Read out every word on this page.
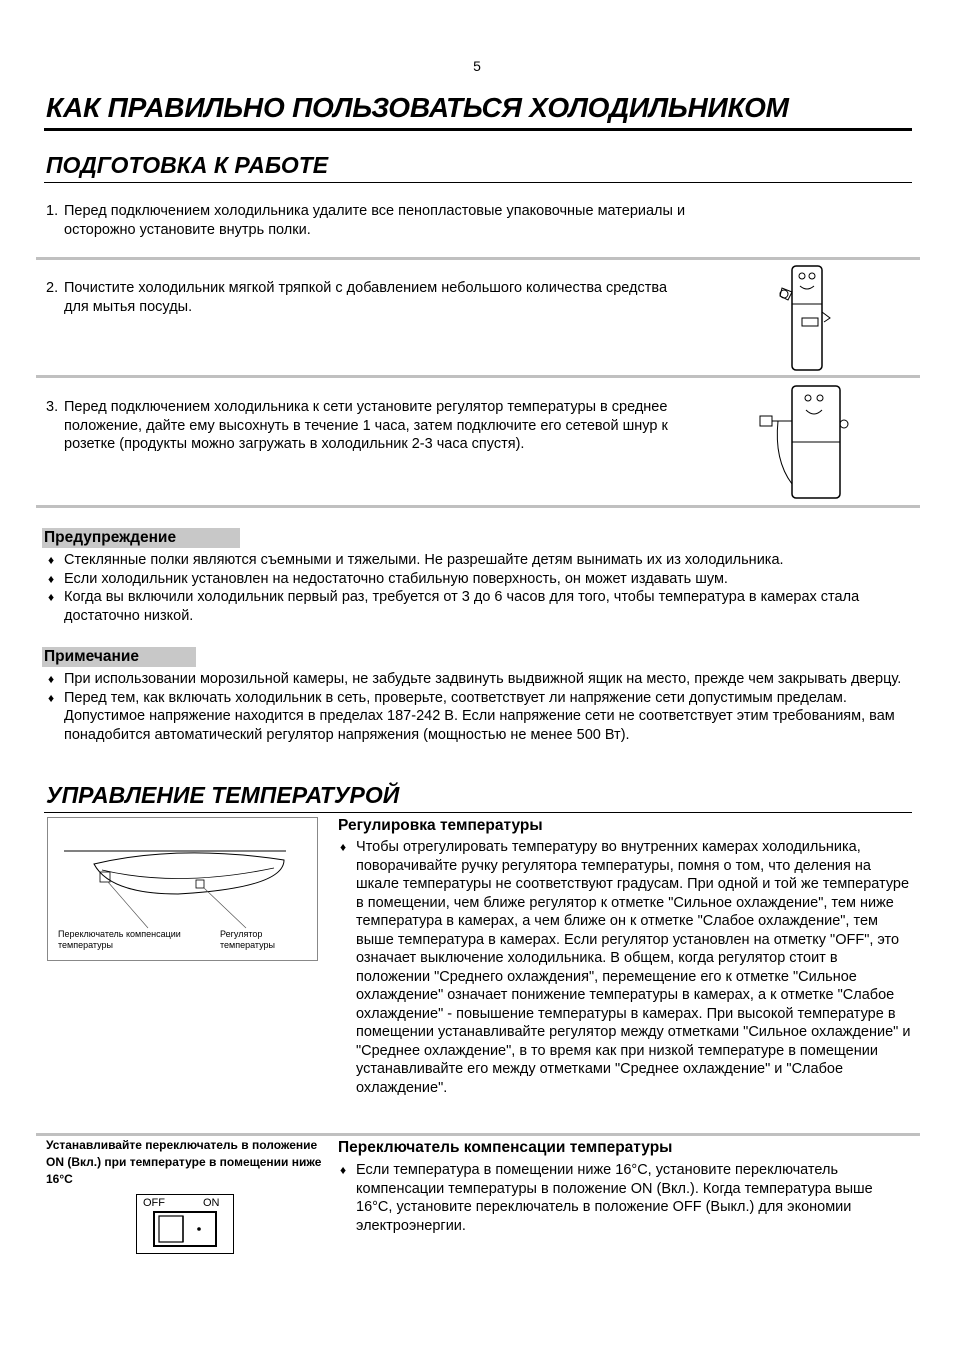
5
КАК ПРАВИЛЬНО ПОЛЬЗОВАТЬСЯ ХОЛОДИЛЬНИКОМ
ПОДГОТОВКА К РАБОТЕ
1. Перед подключением холодильника удалите все пенопластовые упаковочные материалы и осторожно установите внутрь полки.
2. Почистите холодильник мягкой тряпкой с добавлением небольшого количества средства для мытья посуды.
3. Перед подключением холодильника к сети установите регулятор температуры в среднее положение, дайте ему высохнуть в течение 1 часа, затем подключите его сетевой шнур к розетке (продукты можно загружать в холодильник 2-3 часа спустя).
Предупреждение
♦ Стеклянные полки являются съемными и тяжелыми. Не разрешайте детям вынимать их из холодильника.
♦ Если холодильник установлен на недостаточно стабильную поверхность, он может издавать шум.
♦ Когда вы включили холодильник первый раз, требуется от 3 до 6 часов для того, чтобы температура в камерах стала достаточно низкой.
Примечание
♦ При использовании морозильной камеры, не забудьте задвинуть выдвижной ящик на место, прежде чем закрывать дверцу.
♦ Перед тем, как включать холодильник в сеть, проверьте, соответствует ли напряжение сети допустимым пределам. Допустимое напряжение находится в пределах 187-242 В. Если напряжение сети не соответствует этим требованиям, вам понадобится автоматический регулятор напряжения (мощностью не менее 500 Вт).
УПРАВЛЕНИЕ ТЕМПЕРАТУРОЙ
Переключатель компенсации температуры
Регулятор температуры
Регулировка температуры
♦ Чтобы отрегулировать температуру во внутренних камерах холодильника, поворачивайте ручку регулятора температуры, помня о том, что деления на шкале температуры не соответствуют градусам. При одной и той же температуре в помещении, чем ближе регулятор к отметке "Сильное охлаждение", тем ниже температура в камерах, а чем ближе он к отметке "Слабое охлаждение", тем выше температура в камерах. Если регулятор установлен на отметку "OFF", это означает выключение холодильника. В общем, когда регулятор стоит в положении "Среднего охлаждения", перемещение его к отметке "Сильное охлаждение" означает понижение температуры в камерах, а к отметке "Слабое охлаждение" - повышение температуры в камерах. При высокой температуре в помещении устанавливайте регулятор между отметками "Сильное охлаждение" и "Среднее охлаждение", в то время как при низкой температуре в помещении устанавливайте его между отметками "Среднее охлаждение" и "Слабое охлаждение".
Устанавливайте переключатель в положение ON (Вкл.) при температуре в помещении ниже 16°C
OFF	ON
Переключатель компенсации температуры
♦ Если температура в помещении ниже 16°C, установите переключатель компенсации температуры в положение ON (Вкл.). Когда температура выше 16°C, установите переключатель в положение OFF (Выкл.) для экономии электроэнергии.
